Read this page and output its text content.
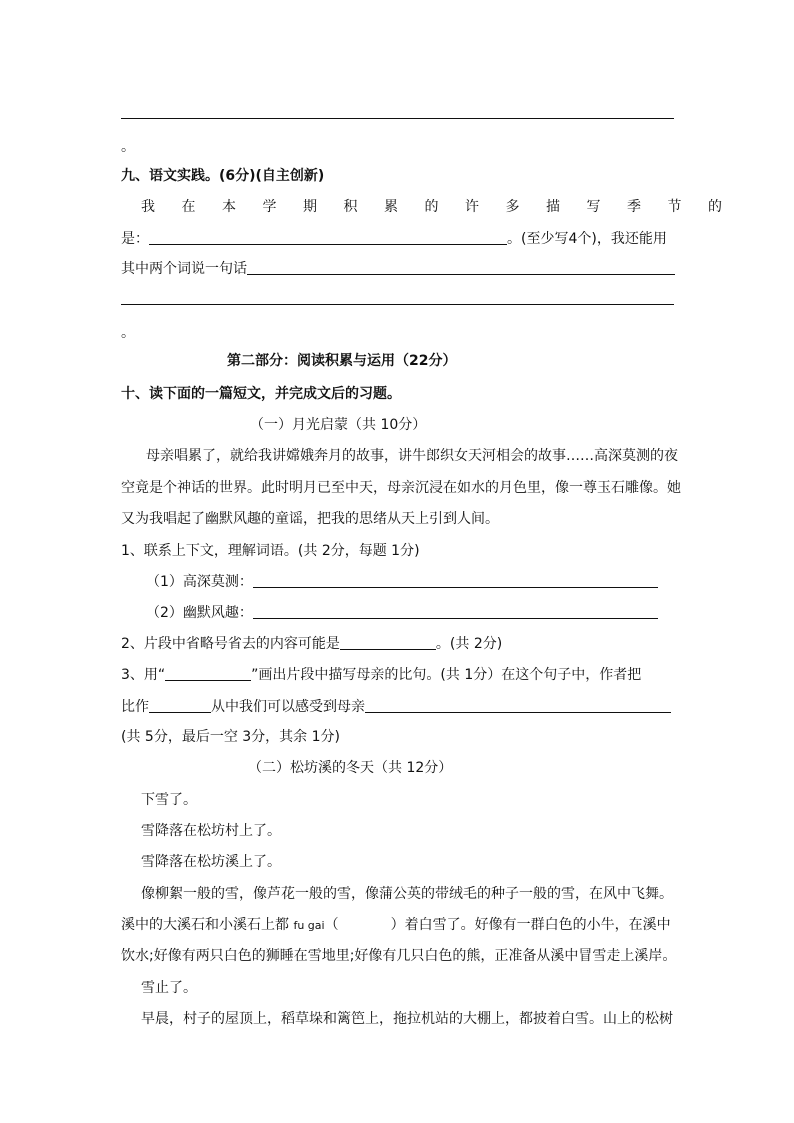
。
九、语文实践。(6分)(自主创新)
我在本学期积累的许多描写季节的
是：	。(至少写4个)，我还能用
其中两个词说一句话
。
第二部分：阅读积累与运用（22分）
十、读下面的一篇短文，并完成文后的习题。
（一）月光启蒙（共 10分）
母亲唱累了，就给我讲嫦娥奔月的故事，讲牛郎织女天河相会的故事……高深莫测的夜
空竟是个神话的世界。此时明月已至中天，母亲沉浸在如水的月色里，像一尊玉石雕像。她
又为我唱起了幽默风趣的童谣，把我的思绪从天上引到人间。
1、联系上下文，理解词语。(共 2分，每题 1分)
（1）高深莫测：
（2）幽默风趣：
2、片段中省略号省去的内容可能是	。(共 2分)
3、用“	”画出片段中描写母亲的比句。(共 1分）在这个句子中，作者把
比作	从中我们可以感受到母亲
(共 5分，最后一空 3分，其余 1分)
（二）松坊溪的冬天（共 12分）
下雪了。
雪降落在松坊村上了。
雪降落在松坊溪上了。
像柳絮一般的雪，像芦花一般的雪，像蒲公英的带绒毛的种子一般的雪，在风中飞舞。
溪中的大溪石和小溪石上都 fu gai（	）着白雪了。好像有一群白色的小牛，在溪中
饮水;好像有两只白色的狮睡在雪地里;好像有几只白色的熊，正准备从溪中冒雪走上溪岸。
雪止了。
早晨，村子的屋顶上，稻草垛和篱笆上，拖拉机站的大棚上，都披着白雪。山上的松树
